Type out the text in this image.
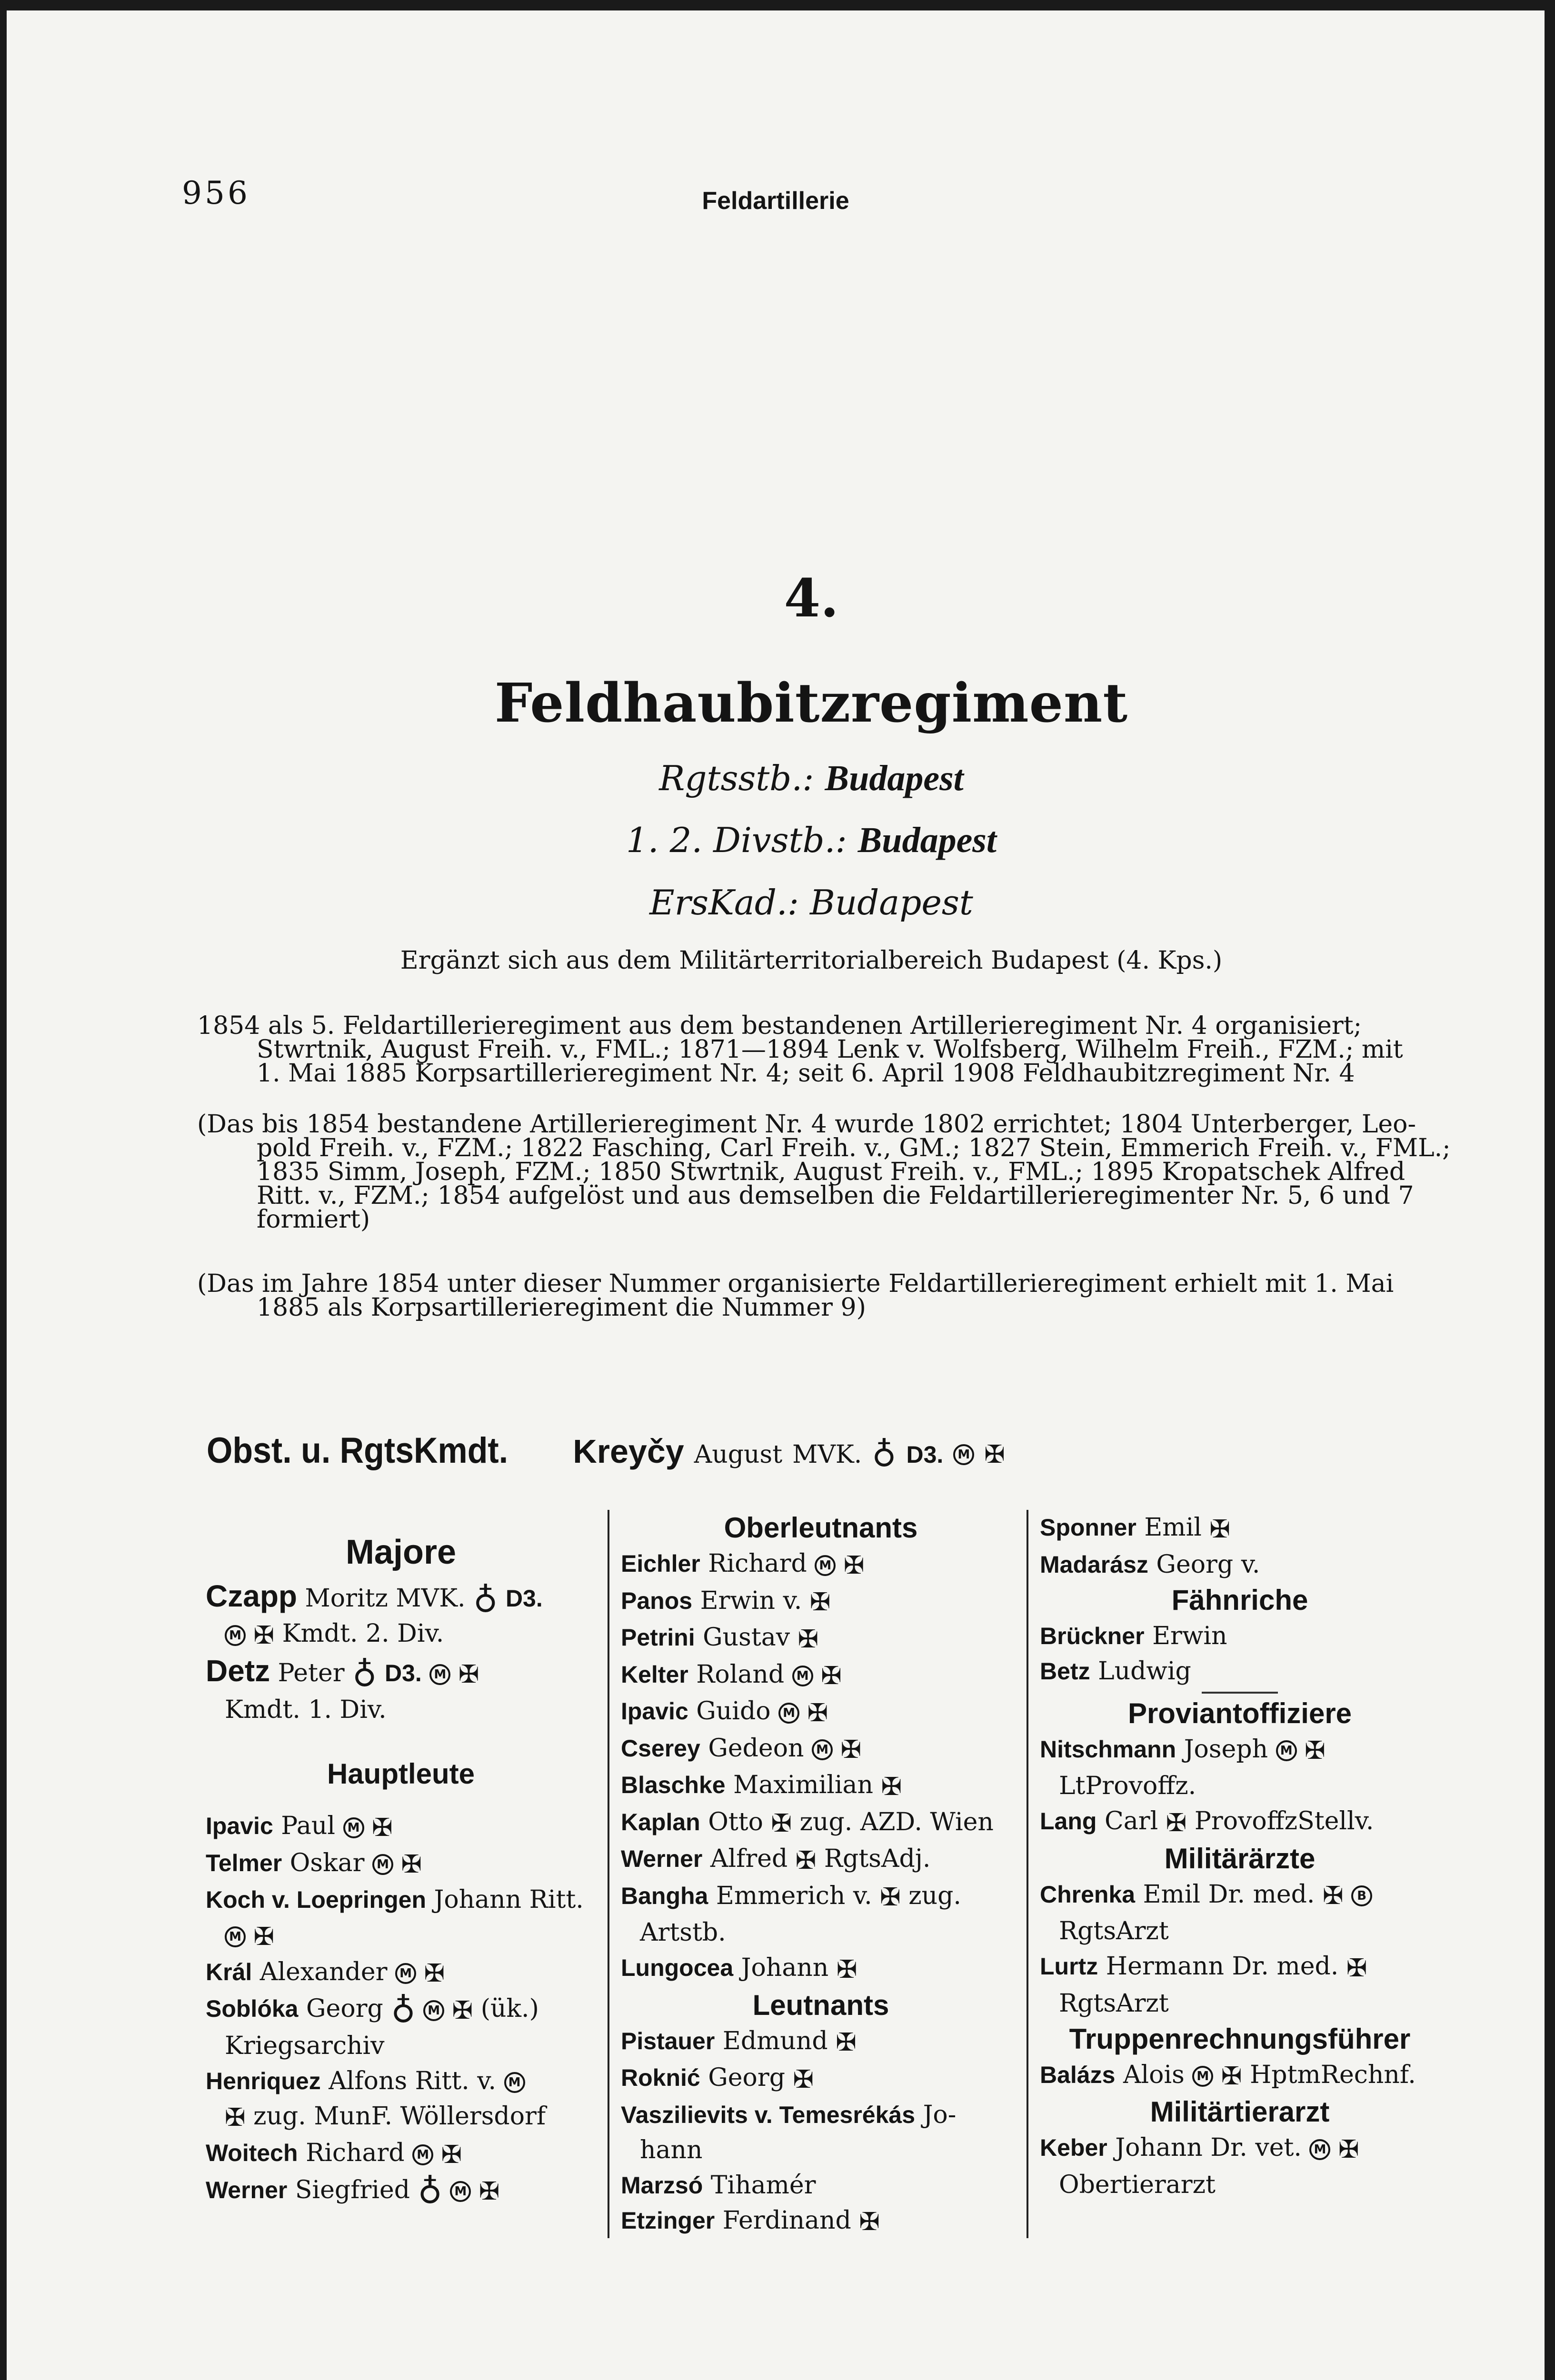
956	Feldartillerie
4.
Feldhaubitzregiment
Rgtsstb.: Budapest
1. 2. Divstb.: Budapest
ErsKad.: Budapest
Ergänzt sich aus dem Militärterritorialbereich Budapest (4. Kps.)
1854 als 5. Feldartillerieregiment aus dem bestandenen Artillerieregiment Nr. 4 organisiert;
Stwrtnik, August Freih. v., FML.; 1871—1894 Lenk v. Wolfsberg, Wilhelm Freih., FZM.; mit
1. Mai 1885 Korpsartillerieregiment Nr. 4; seit 6. April 1908 Feldhaubitzregiment Nr. 4
(Das bis 1854 bestandene Artillerieregiment Nr. 4 wurde 1802 errichtet; 1804 Unterberger, Leo-
pold Freih. v., FZM.; 1822 Fasching, Carl Freih. v., GM.; 1827 Stein, Emmerich Freih. v., FML.;
1835 Simm, Joseph, FZM.; 1850 Stwrtnik, August Freih. v., FML.; 1895 Kropatschek Alfred
Ritt. v., FZM.; 1854 aufgelöst und aus demselben die Feldartillerieregimenter Nr. 5, 6 und 7
formiert)
(Das im Jahre 1854 unter dieser Nummer organisierte Feldartillerieregiment erhielt mit 1. Mai
1885 als Korpsartillerieregiment die Nummer 9)
Obst. u. RgtsKmdt. Kreyčy August MVK. ♁ D3. M ✠
Majore
Czapp Moritz MVK. ♁ D3.
M ✠ Kmdt. 2. Div.
Detz Peter ♁ D3. M ✠
Kmdt. 1. Div.
Hauptleute
Ipavic Paul M ✠
Telmer Oskar M ✠
Koch v. Loepringen Johann Ritt.
M ✠
Král Alexander M ✠
Soblóka Georg ♁ M ✠ (ük.)
Kriegsarchiv
Henriquez Alfons Ritt. v. M
✠ zug. MunF. Wöllersdorf
Woitech Richard M ✠
Werner Siegfried ♁ M ✠
Oberleutnants
Eichler Richard M ✠
Panos Erwin v. ✠
Petrini Gustav ✠
Kelter Roland M ✠
Ipavic Guido M ✠
Cserey Gedeon M ✠
Blaschke Maximilian ✠
Kaplan Otto ✠ zug. AZD. Wien
Werner Alfred ✠ RgtsAdj.
Bangha Emmerich v. ✠ zug.
Artstb.
Lungocea Johann ✠
Leutnants
Pistauer Edmund ✠
Roknić Georg ✠
Vaszilievits v. Temesrékás Jo-
hann
Marzsó Tihamér
Etzinger Ferdinand ✠
Sponner Emil ✠
Madarász Georg v.
Fähnriche
Brückner Erwin
Betz Ludwig
Proviantoffiziere
Nitschmann Joseph M ✠
LtProvoffz.
Lang Carl ✠ ProvoffzStellv.
Militärärzte
Chrenka Emil Dr. med. ✠ B
RgtsArzt
Lurtz Hermann Dr. med. ✠
RgtsArzt
Truppenrechnungsführer
Balázs Alois M ✠ HptmRechnf.
Militärtierarzt
Keber Johann Dr. vet. M ✠
Obertierarzt
